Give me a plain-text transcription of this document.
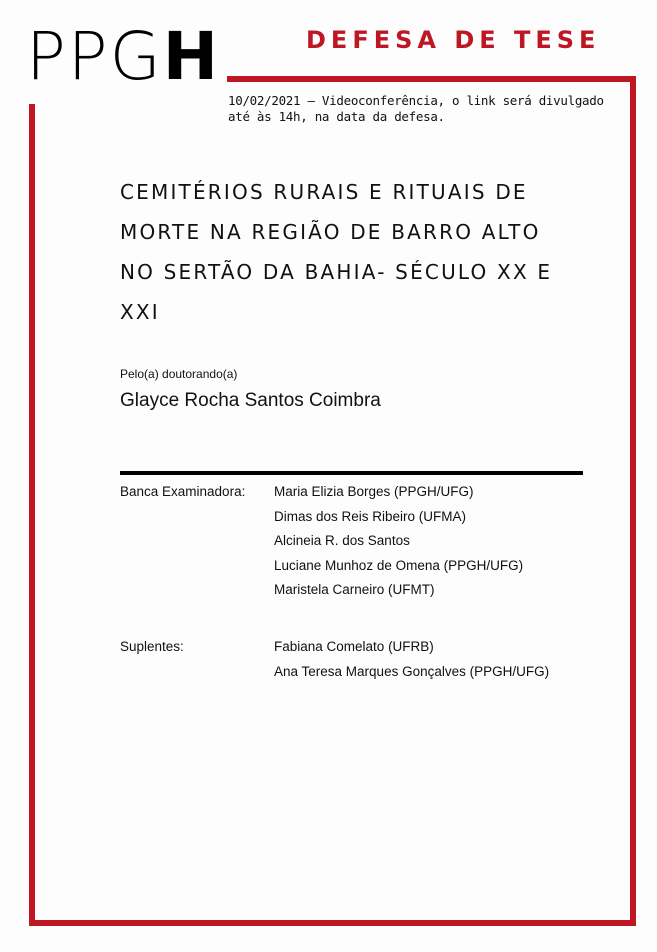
PPGH	DEFESA DE TESE
10/02/2021 – Videoconferência, o link será divulgado
até às 14h, na data da defesa.
CEMITÉRIOS RURAIS E RITUAIS DE
MORTE NA REGIÃO DE BARRO ALTO
NO SERTÃO DA BAHIA- SÉCULO XX E
XXI
Pelo(a) doutorando(a)
Glayce Rocha Santos Coimbra
Banca Examinadora: Maria Elizia Borges (PPGH/UFG)
Dimas dos Reis Ribeiro (UFMA)
Alcineia R. dos Santos
Luciane Munhoz de Omena (PPGH/UFG)
Maristela Carneiro (UFMT)
Suplentes:	Fabiana Comelato (UFRB)
Ana Teresa Marques Gonçalves (PPGH/UFG)
